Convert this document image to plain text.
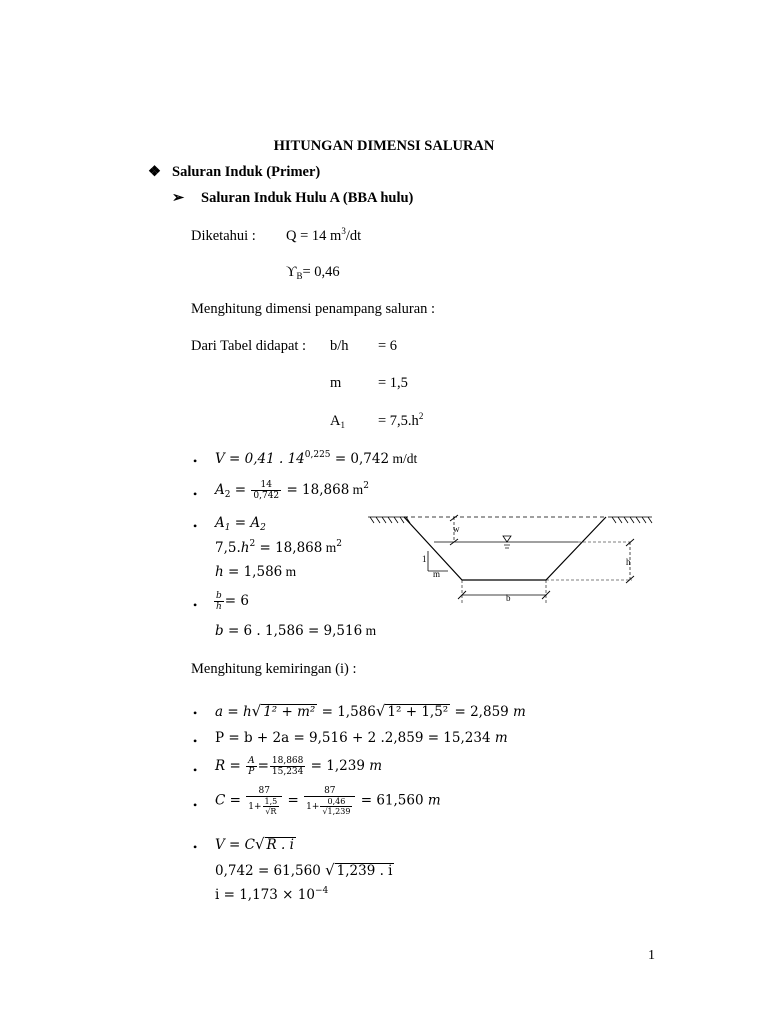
HITUNGAN DIMENSI SALURAN
❖ Saluran Induk (Primer)
➢ Saluran Induk Hulu A (BBA hulu)
Diketahui : Q = 14 $m^3/dt$
$ϒ_B= 0,46$
Menghitung dimensi penampang saluran :
Dari Tabel didapat : b/h = 6
m	= 1,5
$A_1 = 7,5.h^2$
• V = 0,41 . $14^{0,225} = 0,742$ m/dt
• $A_2 = \frac{14}{0,742} = 18,868$ $m^2$
• $A_1 = A_2$
$7,5.h^2 = 18,868$ $m^2$
h = 1,586 m
• $\frac{b}{h} = 6$
b = 6 . 1,586 = 9,516 m
Menghitung kemiringan (i) :
• a = h√ 1² + m² = 1,586√ 1² + 1,5² = 2,859 m
• P = b + 2a = 9,516 + 2 .2,859 = 15,234 m
• $R = \frac{A}{P} = \frac{18,868}{15,234} = 1,239$ m
• $C = \frac{87}{1+ \frac{1,5}{√R}} = \frac{87}{1+ \frac{0,46}{√1,239}} = 61,560$ m
• V = C√ R . i
0,742 = 61,560 √ 1,239 . i
$i = 1,173 \times 10^{-4}$
w
h
1
m
b
1
